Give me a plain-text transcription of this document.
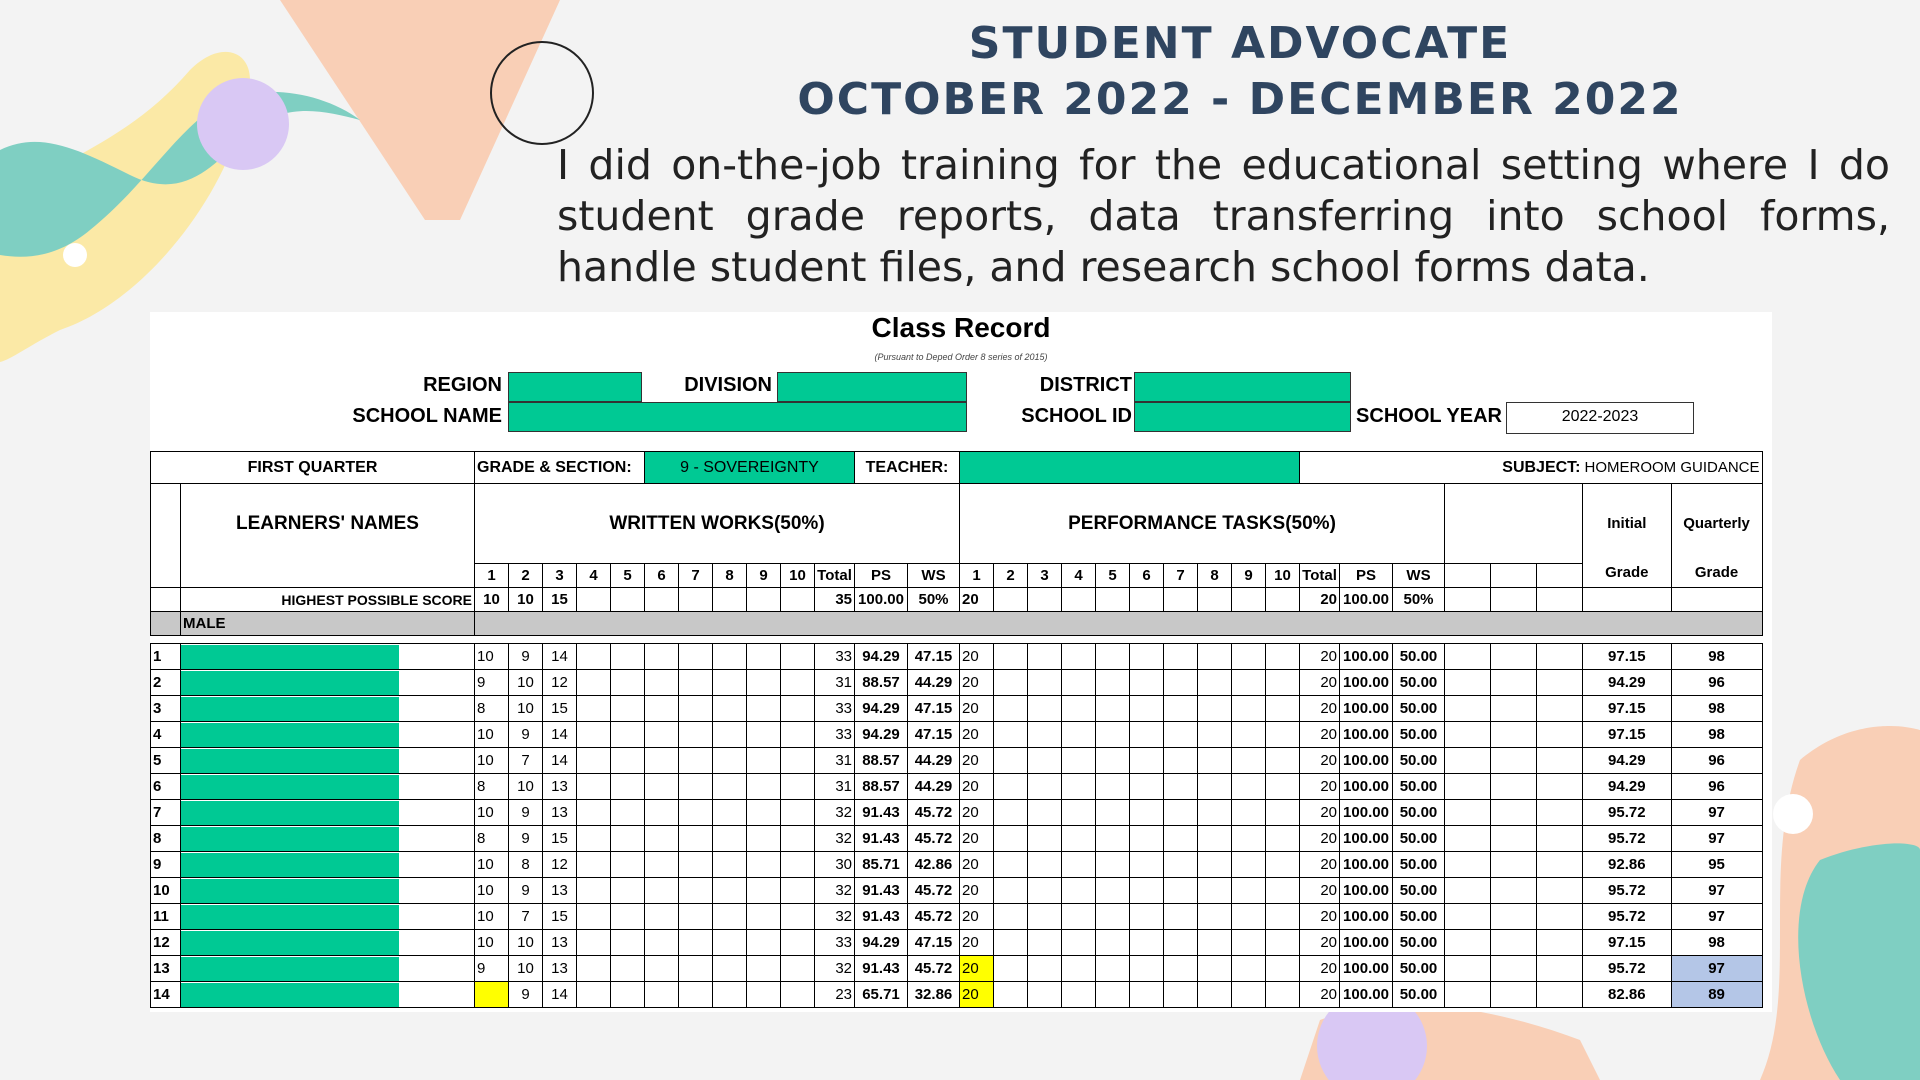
STUDENT ADVOCATE
OCTOBER 2022 - DECEMBER 2022
I did on-the-job training for the educational setting where I do student grade reports, data transferring into school forms, handle student files, and research school forms data.
Class Record
(Pursuant to Deped Order 8 series of 2015)
REGION	DIVISION	DISTRICT
SCHOOL NAME	SCHOOL ID	SCHOOL YEAR	2022-2023
FIRST QUARTER		GRADE & SECTION:					9 - SOVEREIGNTY						TEACHER:												SUBJECT:						HOMEROOM GUIDANCE	
	LEARNERS' NAMES	WRITTEN WORKS(50%)													PERFORMANCE TASKS(50%)																Initial	Quarterly
		1	2	3	4	5	6	7	8	9	10	Total	PS	WS	1	2	3	4	5	6	7	8	9	10	Total	PS	WS				Grade	Grade
	HIGHEST POSSIBLE SCORE	10	10	15								35	100.00	50%	20										20	100.00	50%					
	MALE																															

1		10	9	14								33	94.29	47.15	20										20	100.00	50.00				97.15	98
2		9	10	12								31	88.57	44.29	20										20	100.00	50.00				94.29	96
3		8	10	15								33	94.29	47.15	20										20	100.00	50.00				97.15	98
4		10	9	14								33	94.29	47.15	20										20	100.00	50.00				97.15	98
5		10	7	14								31	88.57	44.29	20										20	100.00	50.00				94.29	96
6		8	10	13								31	88.57	44.29	20										20	100.00	50.00				94.29	96
7		10	9	13								32	91.43	45.72	20										20	100.00	50.00				95.72	97
8		8	9	15								32	91.43	45.72	20										20	100.00	50.00				95.72	97
9		10	8	12								30	85.71	42.86	20										20	100.00	50.00				92.86	95
10		10	9	13								32	91.43	45.72	20										20	100.00	50.00				95.72	97
11		10	7	15								32	91.43	45.72	20										20	100.00	50.00				95.72	97
12		10	10	13								33	94.29	47.15	20										20	100.00	50.00				97.15	98
13		9	10	13								32	91.43	45.72	20										20	100.00	50.00				95.72	97
14			9	14								23	65.71	32.86	20										20	100.00	50.00				82.86	89
